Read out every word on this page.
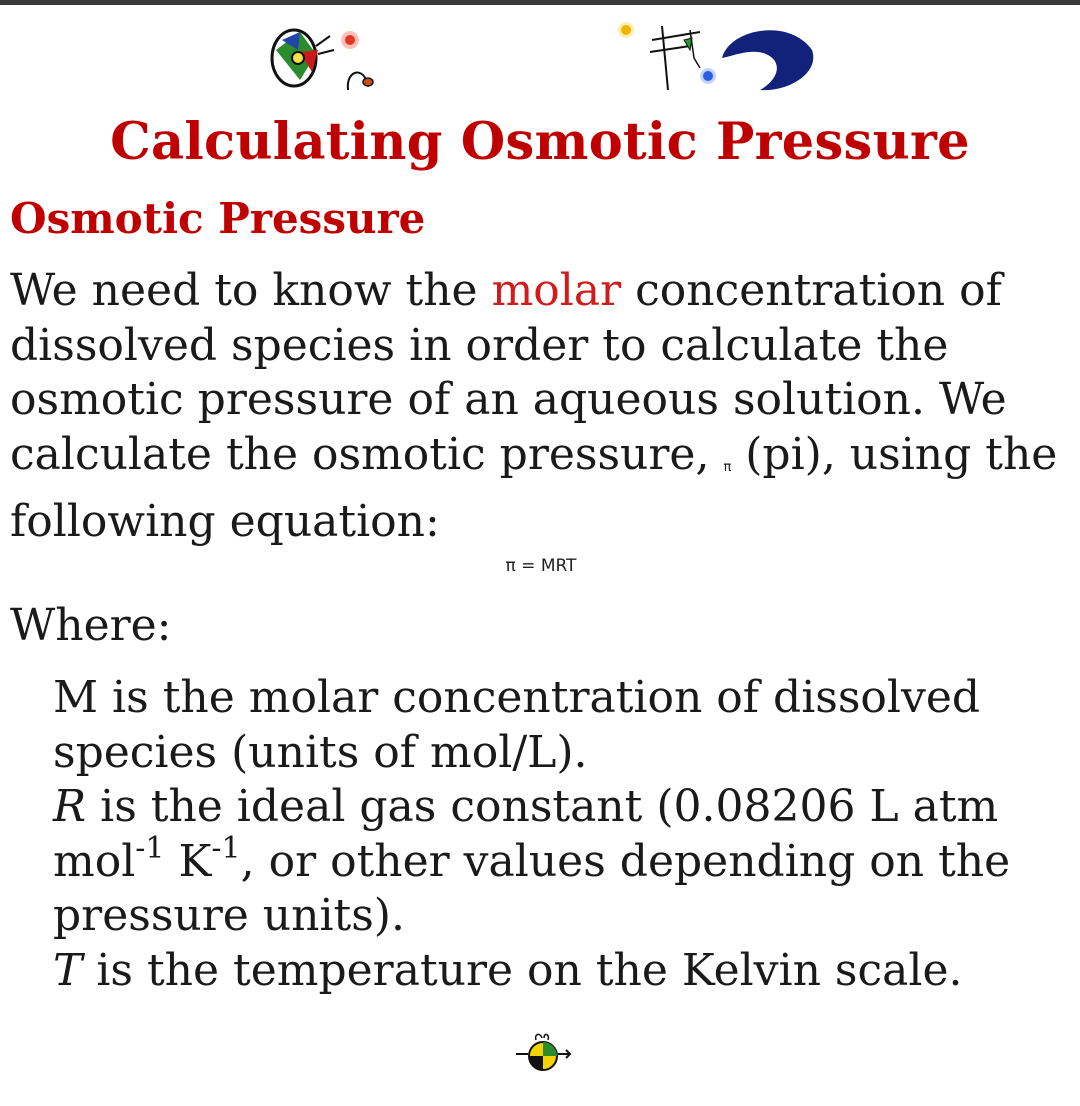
Calculating Osmotic Pressure
Osmotic Pressure

We need to know the molar concentration of dissolved species in order to calculate the osmotic pressure of an aqueous solution. We calculate the osmotic pressure, π (pi), using the following equation:

π = MRT

Where:

M is the molar concentration of dissolved species (units of mol/L).
R is the ideal gas constant (0.08206 L atm mol$^{-1}$ $K^{-1}$, or other values depending on the pressure units).
T is the temperature on the Kelvin scale.
